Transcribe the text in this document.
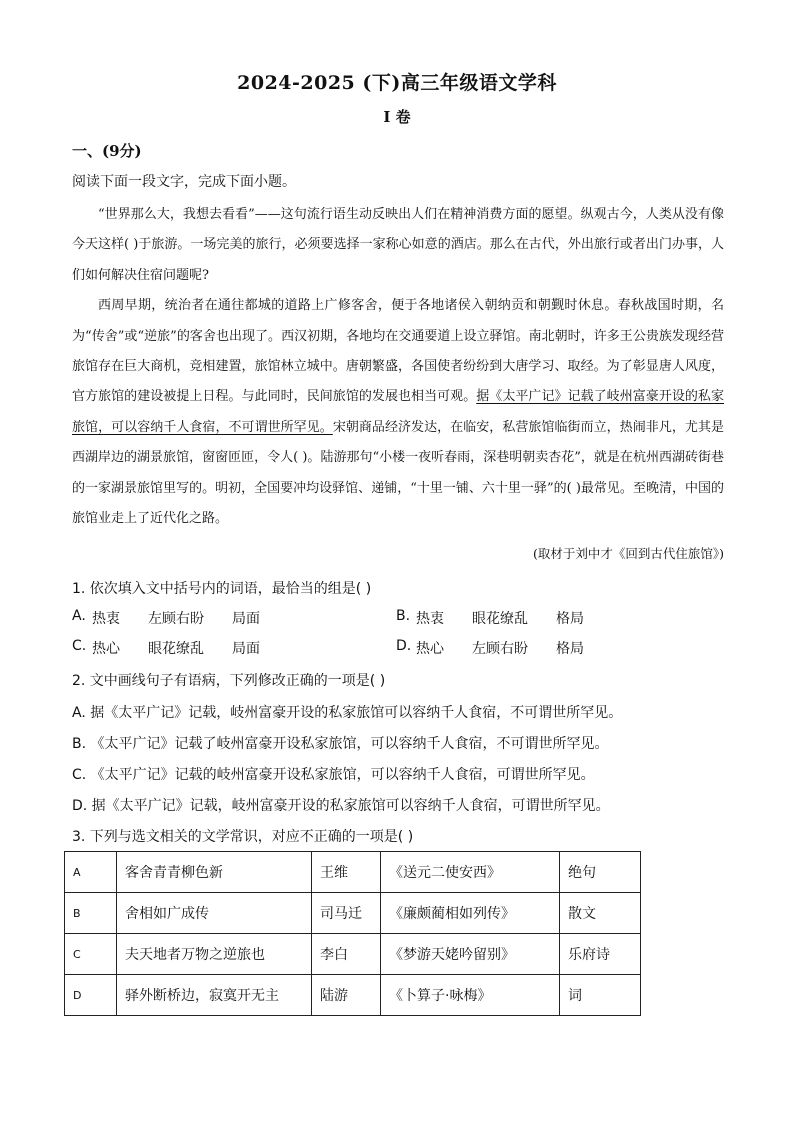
2024-2025 (下)高三年级语文学科
I 卷
一、(9分)
阅读下面一段文字，完成下面小题。

“世界那么大，我想去看看”——这句流行语生动反映出人们在精神消费方面的愿望。纵观古今，人类从没有像今天这样( )于旅游。一场完美的旅行，必须要选择一家称心如意的酒店。那么在古代，外出旅行或者出门办事，人们如何解决住宿问题呢?

西周早期，统治者在通往都城的道路上广修客舍，便于各地诸侯入朝纳贡和朝觐时休息。春秋战国时期，名为“传舍”或“逆旅”的客舍也出现了。西汉初期，各地均在交通要道上设立驿馆。南北朝时，许多王公贵族发现经营旅馆存在巨大商机，竞相建置，旅馆林立城中。唐朝繁盛，各国使者纷纷到大唐学习、取经。为了彰显唐人风度，官方旅馆的建设被提上日程。与此同时，民间旅馆的发展也相当可观。据《太平广记》记载了岐州富豪开设的私家旅馆，可以容纳千人食宿，不可谓世所罕见。宋朝商品经济发达，在临安，私营旅馆临街而立，热闹非凡，尤其是西湖岸边的湖景旅馆，窗窗匝匝，令人( )。陆游那句“小楼一夜听春雨，深巷明朝卖杏花”，就是在杭州西湖砖街巷的一家湖景旅馆里写的。明初，全国要冲均设驿馆、递铺，“十里一铺、六十里一驿”的( )最常见。至晚清，中国的旅馆业走上了近代化之路。

(取材于刘中才《回到古代住旅馆》)
1. 依次填入文中括号内的词语，最恰当的组是( )
A. 热衷 左顾右盼 局面	B. 热衷 眼花缭乱 格局
C. 热心 眼花缭乱 局面	D. 热心 左顾右盼 格局
2. 文中画线句子有语病，下列修改正确的一项是( )
A. 据《太平广记》记载，岐州富豪开设的私家旅馆可以容纳千人食宿，不可谓世所罕见。
B. 《太平广记》记载了岐州富豪开设私家旅馆，可以容纳千人食宿，不可谓世所罕见。
C. 《太平广记》记载的岐州富豪开设私家旅馆，可以容纳千人食宿，可谓世所罕见。
D. 据《太平广记》记载，岐州富豪开设的私家旅馆可以容纳千人食宿，可谓世所罕见。
3. 下列与选文相关的文学常识，对应不正确的一项是( )
A	客舍青青柳色新	王维	《送元二使安西》	绝句
B	舍相如广成传	司马迁	《廉颇蔺相如列传》	散文
C	夫天地者万物之逆旅也	李白	《梦游天姥吟留别》	乐府诗
D	驿外断桥边，寂寞开无主	陆游	《卜算子·咏梅》	词
